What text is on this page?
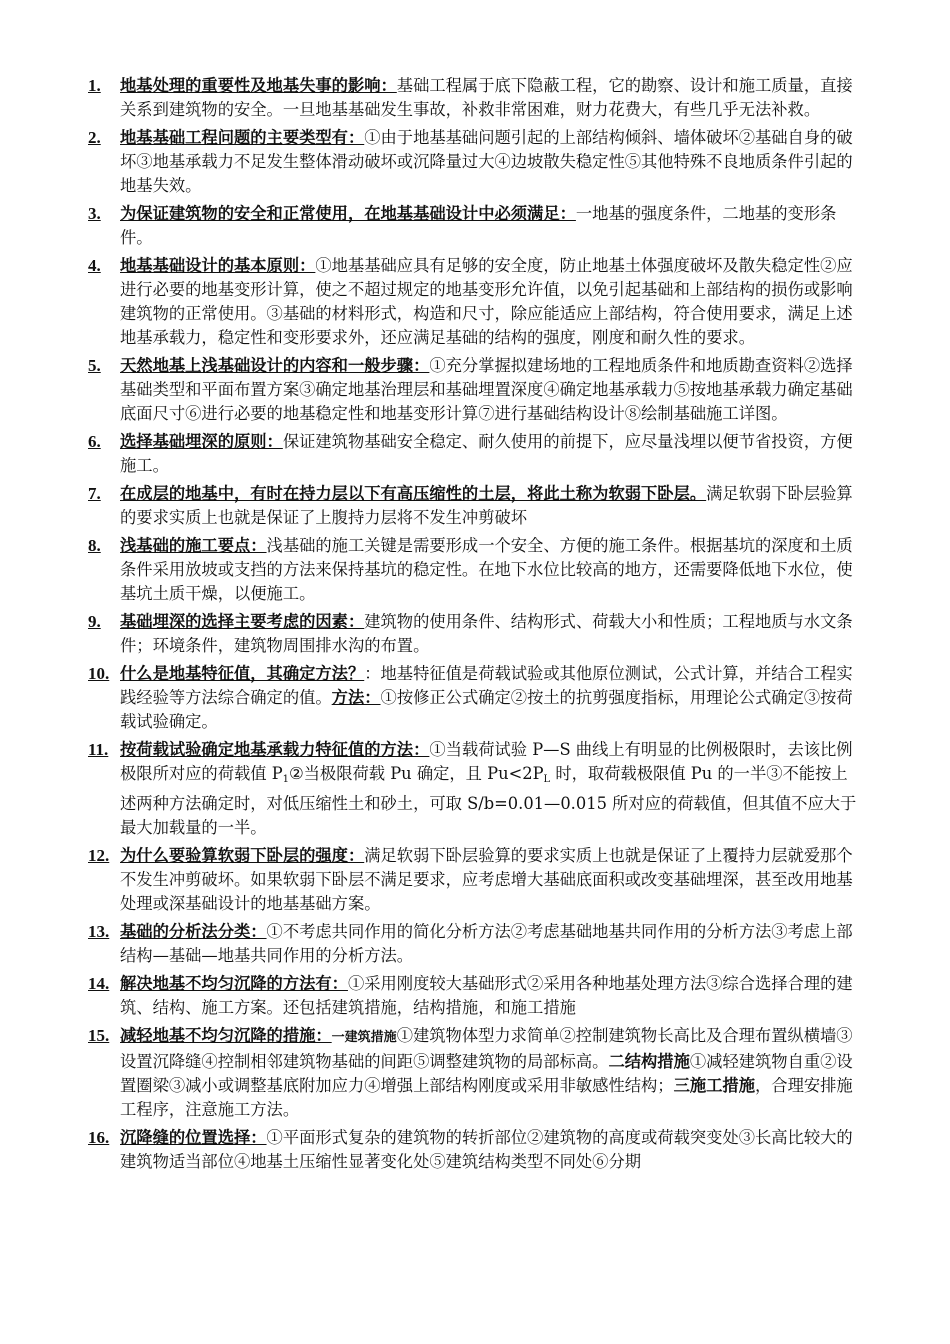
1. 地基处理的重要性及地基失事的影响：基础工程属于底下隐蔽工程，它的勘察、设计和施工质量，直接关系到建筑物的安全。一旦地基基础发生事故，补救非常困难，财力花费大，有些几乎无法补救。
2. 地基基础工程问题的主要类型有：①由于地基基础问题引起的上部结构倾斜、墙体破坏②基础自身的破坏③地基承载力不足发生整体滑动破坏或沉降量过大④边坡散失稳定性⑤其他特殊不良地质条件引起的地基失效。
3. 为保证建筑物的安全和正常使用，在地基基础设计中必须满足：一地基的强度条件，二地基的变形条件。
4. 地基基础设计的基本原则：①地基基础应具有足够的安全度，防止地基土体强度破坏及散失稳定性②应进行必要的地基变形计算，使之不超过规定的地基变形允许值，以免引起基础和上部结构的损伤或影响建筑物的正常使用。③基础的材料形式，构造和尺寸，除应能适应上部结构，符合使用要求，满足上述地基承载力，稳定性和变形要求外，还应满足基础的结构的强度，刚度和耐久性的要求。
5. 天然地基上浅基础设计的内容和一般步骤：①充分掌握拟建场地的工程地质条件和地质勘查资料②选择基础类型和平面布置方案③确定地基治理层和基础埋置深度④确定地基承载力⑤按地基承载力确定基础底面尺寸⑥进行必要的地基稳定性和地基变形计算⑦进行基础结构设计⑧绘制基础施工详图。
6. 选择基础埋深的原则：保证建筑物基础安全稳定、耐久使用的前提下，应尽量浅埋以便节省投资，方便施工。
7. 在成层的地基中，有时在持力层以下有高压缩性的土层，将此土称为软弱下卧层。满足软弱下卧层验算的要求实质上也就是保证了上腹持力层将不发生冲剪破坏
8. 浅基础的施工要点：浅基础的施工关键是需要形成一个安全、方便的施工条件。根据基坑的深度和土质条件采用放坡或支挡的方法来保持基坑的稳定性。在地下水位比较高的地方，还需要降低地下水位，使基坑土质干燥，以便施工。
9. 基础埋深的选择主要考虑的因素：建筑物的使用条件、结构形式、荷载大小和性质；工程地质与水文条件；环境条件，建筑物周围排水沟的布置。
10. 什么是地基特征值，其确定方法？：地基特征值是荷载试验或其他原位测试，公式计算，并结合工程实践经验等方法综合确定的值。方法：①按修正公式确定②按土的抗剪强度指标，用理论公式确定③按荷载试验确定。
11. 按荷载试验确定地基承载力特征值的方法：①当载荷试验 P—S 曲线上有明显的比例极限时，去该比例极限所对应的荷载值 $P_1②$当极限荷载 Pu 确定，且 $Pu<2P_L$ 时，取荷载极限值 Pu 的一半③不能按上述两种方法确定时，对低压缩性土和砂土，可取 S/b=0.01—0.015 所对应的荷载值，但其值不应大于最大加载量的一半。
12. 为什么要验算软弱下卧层的强度：满足软弱下卧层验算的要求实质上也就是保证了上覆持力层就爱那个不发生冲剪破坏。如果软弱下卧层不满足要求，应考虑增大基础底面积或改变基础埋深，甚至改用地基处理或深基础设计的地基基础方案。
13. 基础的分析法分类：①不考虑共同作用的简化分析方法②考虑基础地基共同作用的分析方法③考虑上部结构—基础—地基共同作用的分析方法。
14. 解决地基不均匀沉降的方法有：①采用刚度较大基础形式②采用各种地基处理方法③综合选择合理的建筑、结构、施工方案。还包括建筑措施，结构措施，和施工措施
15. 减轻地基不均匀沉降的措施：一建筑措施①建筑物体型力求简单②控制建筑物长高比及合理布置纵横墙③设置沉降缝④控制相邻建筑物基础的间距⑤调整建筑物的局部标高。二结构措施①减轻建筑物自重②设置圈梁③减小或调整基底附加应力④增强上部结构刚度或采用非敏感性结构；三施工措施，合理安排施工程序，注意施工方法。
16. 沉降缝的位置选择：①平面形式复杂的建筑物的转折部位②建筑物的高度或荷载突变处③长高比较大的建筑物适当部位④地基土压缩性显著变化处⑤建筑结构类型不同处⑥分期
